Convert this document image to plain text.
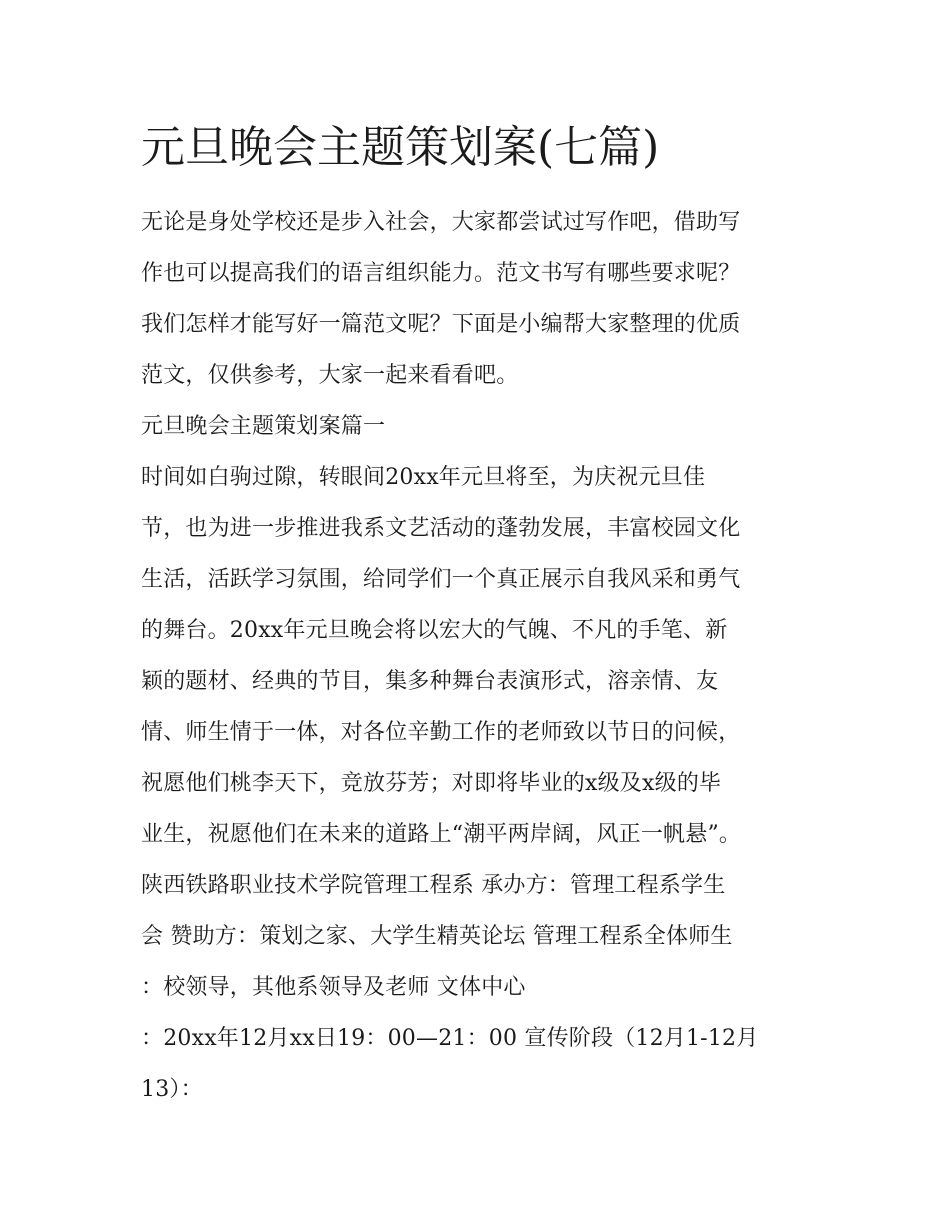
元旦晚会主题策划案(七篇)
无论是身处学校还是步入社会，大家都尝试过写作吧，借助写
作也可以提高我们的语言组织能力。范文书写有哪些要求呢？
我们怎样才能写好一篇范文呢？下面是小编帮大家整理的优质
范文，仅供参考，大家一起来看看吧。
元旦晚会主题策划案篇一
时间如白驹过隙，转眼间20xx年元旦将至，为庆祝元旦佳
节，也为进一步推进我系文艺活动的蓬勃发展，丰富校园文化
生活，活跃学习氛围，给同学们一个真正展示自我风采和勇气
的舞台。20xx年元旦晚会将以宏大的气魄、不凡的手笔、新
颖的题材、经典的节目，集多种舞台表演形式，溶亲情、友
情、师生情于一体，对各位辛勤工作的老师致以节日的问候，
祝愿他们桃李天下，竞放芬芳；对即将毕业的x级及x级的毕
业生，祝愿他们在未来的道路上“潮平两岸阔，风正一帆悬”。
陕西铁路职业技术学院管理工程系 承办方：管理工程系学生
会 赞助方：策划之家、大学生精英论坛 管理工程系全体师生
：校领导，其他系领导及老师 文体中心
：20xx年12月xx日19：00—21：00 宣传阶段（12月1-12月
13）：
